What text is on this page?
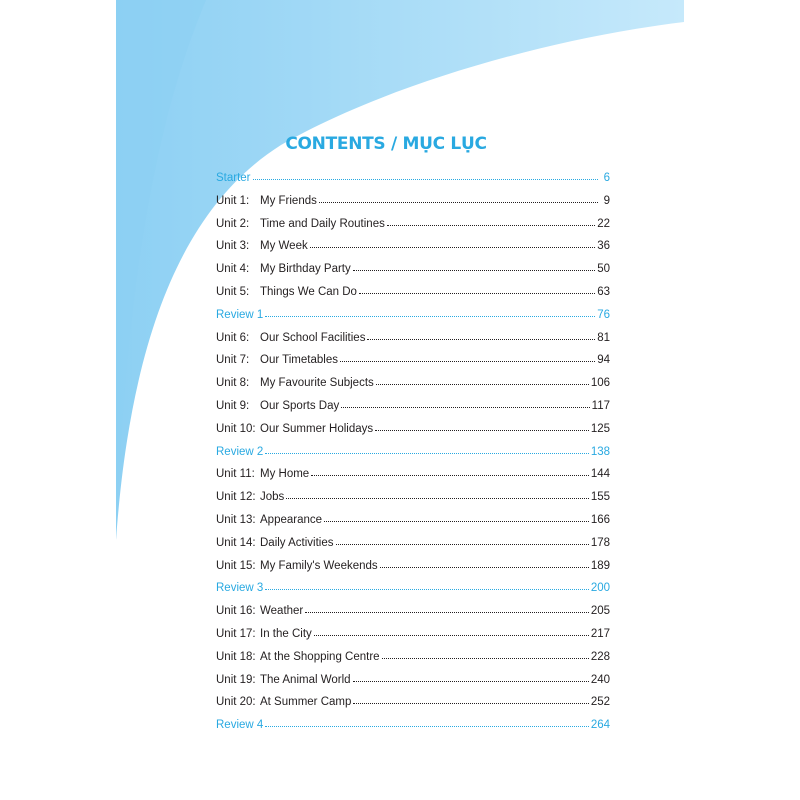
CONTENTS / MỤC LỤC
Starter	6
Unit 1: My Friends	9
Unit 2: Time and Daily Routines	22
Unit 3: My Week	36
Unit 4: My Birthday Party	50
Unit 5: Things We Can Do	63
Review 1	76
Unit 6: Our School Facilities	81
Unit 7: Our Timetables	94
Unit 8: My Favourite Subjects	106
Unit 9: Our Sports Day	117
Unit 10: Our Summer Holidays	125
Review 2	138
Unit 11: My Home	144
Unit 12: Jobs	155
Unit 13: Appearance	166
Unit 14: Daily Activities	178
Unit 15: My Family's Weekends	189
Review 3	200
Unit 16: Weather	205
Unit 17: In the City	217
Unit 18: At the Shopping Centre	228
Unit 19: The Animal World	240
Unit 20: At Summer Camp	252
Review 4	264
